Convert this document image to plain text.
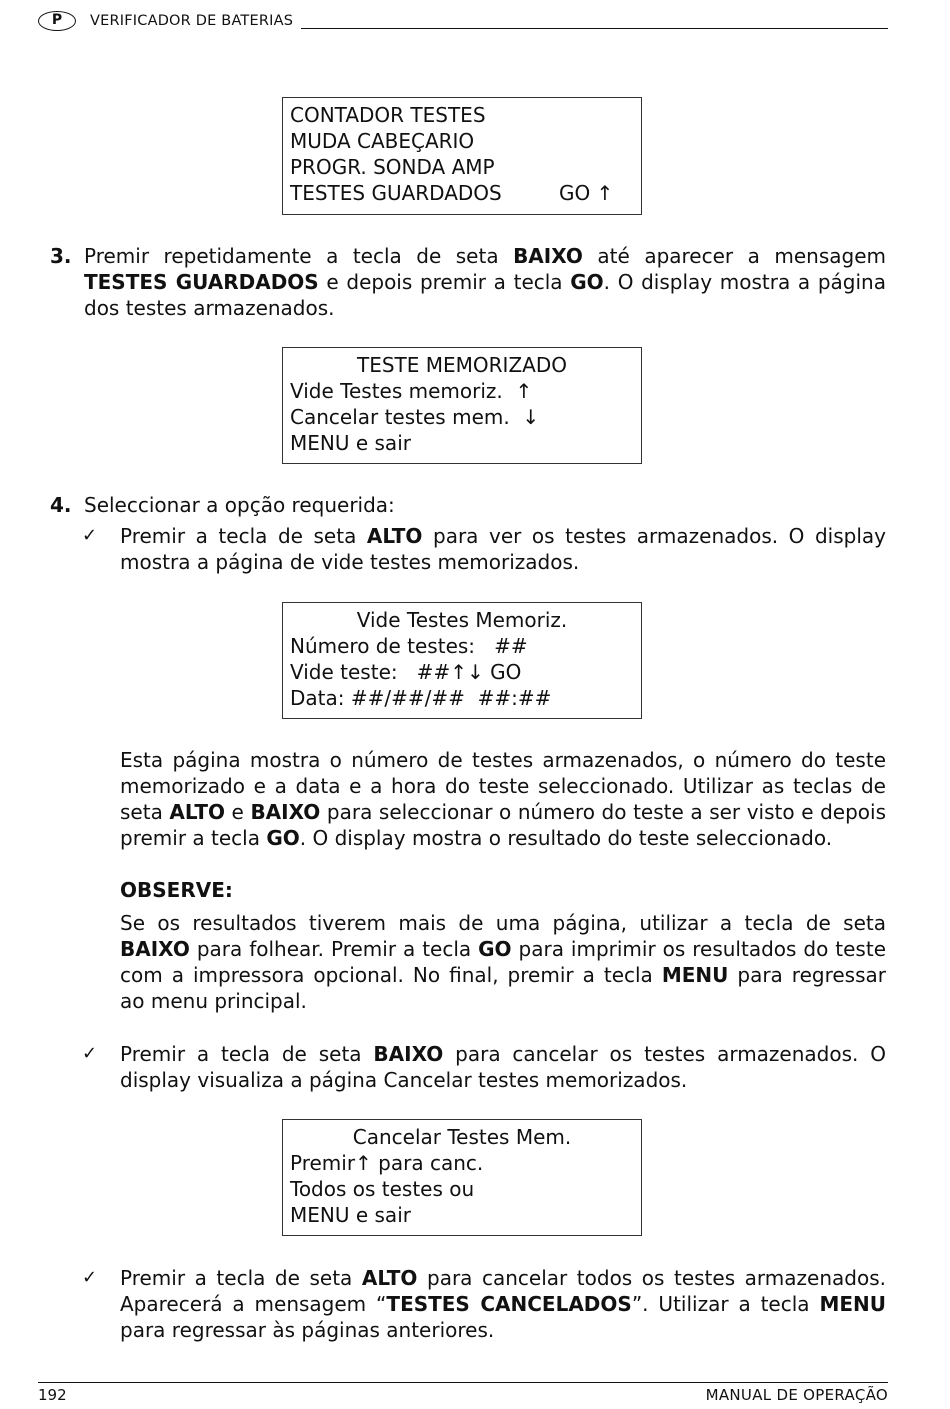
P	VERIFICADOR DE BATERIAS
CONTADOR TESTES
MUDA CABEÇARIO
PROGR. SONDA AMP
TESTES GUARDADOS         GO ↑
3. Premir repetidamente a tecla de seta BAIXO até aparecer a mensagem TESTES GUARDADOS e depois premir a tecla GO. O display mostra a página dos testes armazenados.
TESTE MEMORIZADO
Vide Testes memoriz.  ↑
Cancelar testes mem.  ↓
MENU e sair
4. Seleccionar a opção requerida:
✓ Premir a tecla de seta ALTO para ver os testes armazenados. O display mostra a página de vide testes memorizados.
Vide Testes Memoriz.
Número de testes:   ##
Vide teste:   ##↑↓ GO
Data: ##/##/##  ##:##
Esta página mostra o número de testes armazenados, o número do teste memorizado e a data e a hora do teste seleccionado. Utilizar as teclas de seta ALTO e BAIXO para seleccionar o número do teste a ser visto e depois premir a tecla GO. O display mostra o resultado do teste seleccionado.
OBSERVE:
Se os resultados tiverem mais de uma página, utilizar a tecla de seta BAIXO para folhear. Premir a tecla GO para imprimir os resultados do teste com a impressora opcional. No final, premir a tecla MENU para regressar ao menu principal.
✓ Premir a tecla de seta BAIXO para cancelar os testes armazenados. O display visualiza a página Cancelar testes memorizados.
Cancelar Testes Mem.
Premir↑ para canc.
Todos os testes ou
MENU e sair
✓ Premir a tecla de seta ALTO para cancelar todos os testes armazenados. Aparecerá a mensagem “TESTES CANCELADOS”. Utilizar a tecla MENU para regressar às páginas anteriores.
192	MANUAL DE OPERAÇÃO
